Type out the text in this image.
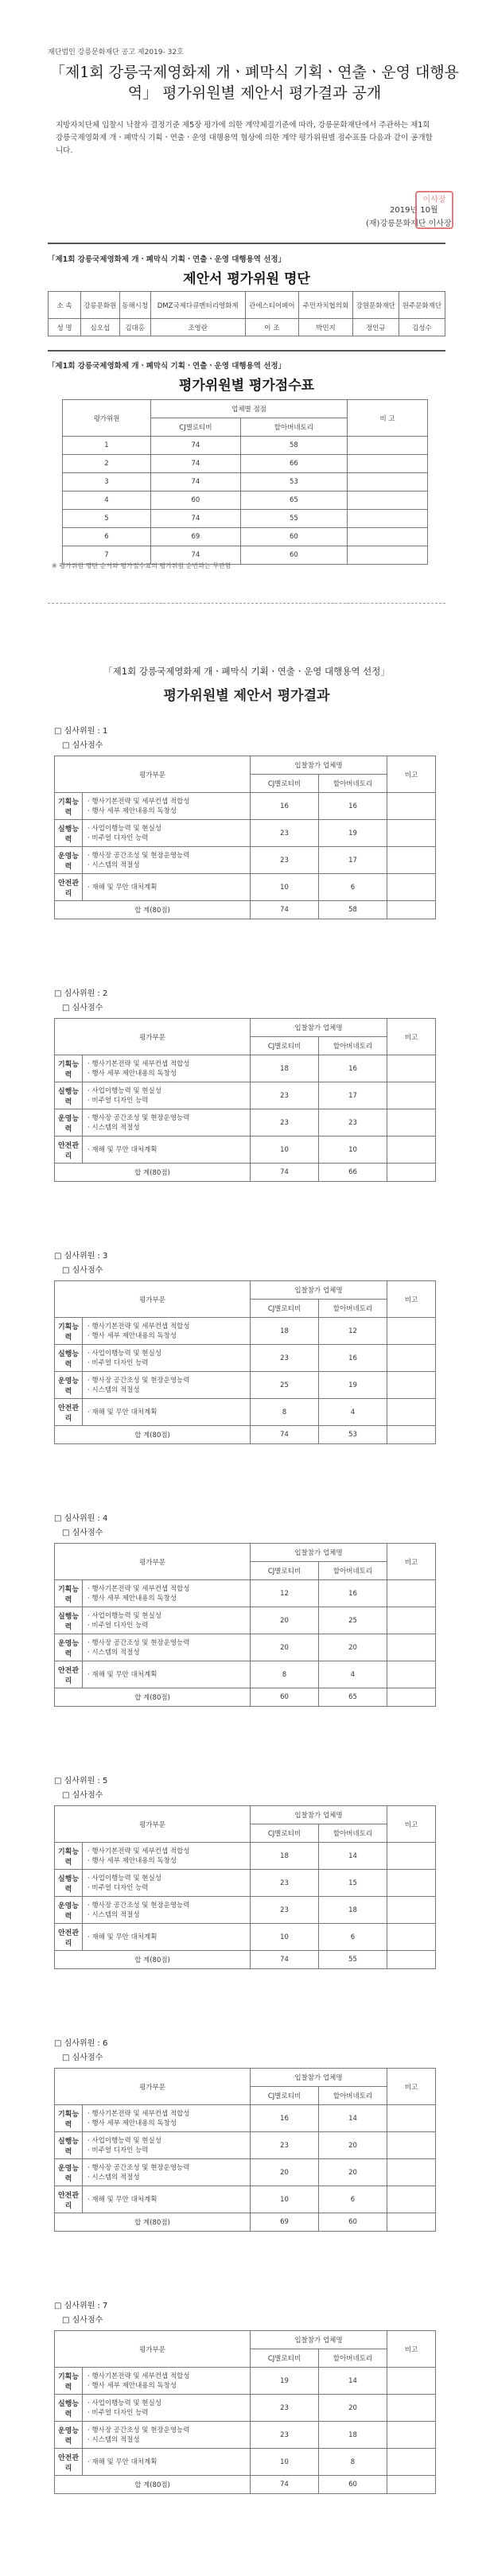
재단법인 강릉문화재단 공고 제2019- 32호
「제1회 강릉국제영화제 개ㆍ폐막식 기획ㆍ연출ㆍ운영 대행용역」 평가위원별 제안서 평가결과 공개
지방자치단체 입찰시 낙찰자 결정기준 제5장 평가에 의한 계약체결기준에 따라, 강릉문화재단에서 주관하는 제1회 강릉국제영화제 개ㆍ폐막식 기획ㆍ연출ㆍ운영 대행용역 협상에 의한 계약 평가위원별 점수표를 다음과 같이 공개합니다.
2019년 10월
(재)강릉문화재단 이사장
이사장
「제1회 강릉국제영화제 개ㆍ폐막식 기획ㆍ연출ㆍ운영 대행용역 선정」
제안서 평가위원 명단
소 속	강릉문화원	동해시청	DMZ국제다큐멘터리영화제	관에스티어페어	주민자치협의회	강원문화재단	원주문화재단
성 명	심오섭	김대홍	조영란	이 조	박민지	정인규	김성수
「제1회 강릉국제영화제 개ㆍ폐막식 기획ㆍ연출ㆍ운영 대행용역 선정」
평가위원별 평가점수표
평가위원	업체별 점점		비 고
	CJ별로티비	할아버네토리	
1	74	58	
2	74	66	
3	74	53	
4	60	65	
5	74	55	
6	69	60	
7	74	60	
※ 평가위원 명단 순서와 평가점수표의 평가위원 순번과는 무관함
「제1회 강릉국제영화제 개ㆍ폐막식 기획ㆍ연출ㆍ운영 대행용역 선정」
평가위원별 제안서 평가결과
□ 심사위원 : 1
□ 심사점수
평가부문		입찰참가 업체명		비고
		CJ별로티비	할아버네토리	
기획능력	· 행사기본전략 및 세부컨셉 적합성
· 행사 세부 제안내용의 독창성	16	16	
실행능력	· 사업이행능력 및 현실성
· 비주얼 디자인 능력	23	19	
운영능력	· 행사장 공간조성 및 현장운영능력
· 시스템의 적절성	23	17	
안전관리	· 재해 및 무안 대처계획	10	6	
합 계(80점)		74	58	
□ 심사위원 : 2
□ 심사점수
평가부문		입찰참가 업체명		비고
		CJ별로티비	할아버네토리	
기획능력	· 행사기본전략 및 세부컨셉 적합성
· 행사 세부 제안내용의 독창성	18	16	
실행능력	· 사업이행능력 및 현실성
· 비주얼 디자인 능력	23	17	
운영능력	· 행사장 공간조성 및 현장운영능력
· 시스템의 적절성	23	23	
안전관리	· 재해 및 무안 대처계획	10	10	
합 계(80점)		74	66	
□ 심사위원 : 3
□ 심사점수
평가부문		입찰참가 업체명		비고
		CJ별로티비	할아버네토리	
기획능력	· 행사기본전략 및 세부컨셉 적합성
· 행사 세부 제안내용의 독창성	18	12	
실행능력	· 사업이행능력 및 현실성
· 비주얼 디자인 능력	23	16	
운영능력	· 행사장 공간조성 및 현장운영능력
· 시스템의 적절성	25	19	
안전관리	· 재해 및 무안 대처계획	8	4	
합 계(80점)		74	53	
□ 심사위원 : 4
□ 심사점수
평가부문		입찰참가 업체명		비고
		CJ별로티비	할아버네토리	
기획능력	· 행사기본전략 및 세부컨셉 적합성
· 행사 세부 제안내용의 독창성	12	16	
실행능력	· 사업이행능력 및 현실성
· 비주얼 디자인 능력	20	25	
운영능력	· 행사장 공간조성 및 현장운영능력
· 시스템의 적절성	20	20	
안전관리	· 재해 및 무안 대처계획	8	4	
합 계(80점)		60	65	
□ 심사위원 : 5
□ 심사점수
평가부문		입찰참가 업체명		비고
		CJ별로티비	할아버네토리	
기획능력	· 행사기본전략 및 세부컨셉 적합성
· 행사 세부 제안내용의 독창성	18	14	
실행능력	· 사업이행능력 및 현실성
· 비주얼 디자인 능력	23	15	
운영능력	· 행사장 공간조성 및 현장운영능력
· 시스템의 적절성	23	18	
안전관리	· 재해 및 무안 대처계획	10	6	
합 계(80점)		74	55	
□ 심사위원 : 6
□ 심사점수
평가부문		입찰참가 업체명		비고
		CJ별로티비	할아버네토리	
기획능력	· 행사기본전략 및 세부컨셉 적합성
· 행사 세부 제안내용의 독창성	16	14	
실행능력	· 사업이행능력 및 현실성
· 비주얼 디자인 능력	23	20	
운영능력	· 행사장 공간조성 및 현장운영능력
· 시스템의 적절성	20	20	
안전관리	· 재해 및 무안 대처계획	10	6	
합 계(80점)		69	60	
□ 심사위원 : 7
□ 심사점수
평가부문		입찰참가 업체명		비고
		CJ별로티비	할아버네토리	
기획능력	· 행사기본전략 및 세부컨셉 적합성
· 행사 세부 제안내용의 독창성	19	14	
실행능력	· 사업이행능력 및 현실성
· 비주얼 디자인 능력	23	20	
운영능력	· 행사장 공간조성 및 현장운영능력
· 시스템의 적절성	23	18	
안전관리	· 재해 및 무안 대처계획	10	8	
합 계(80점)		74	60	
